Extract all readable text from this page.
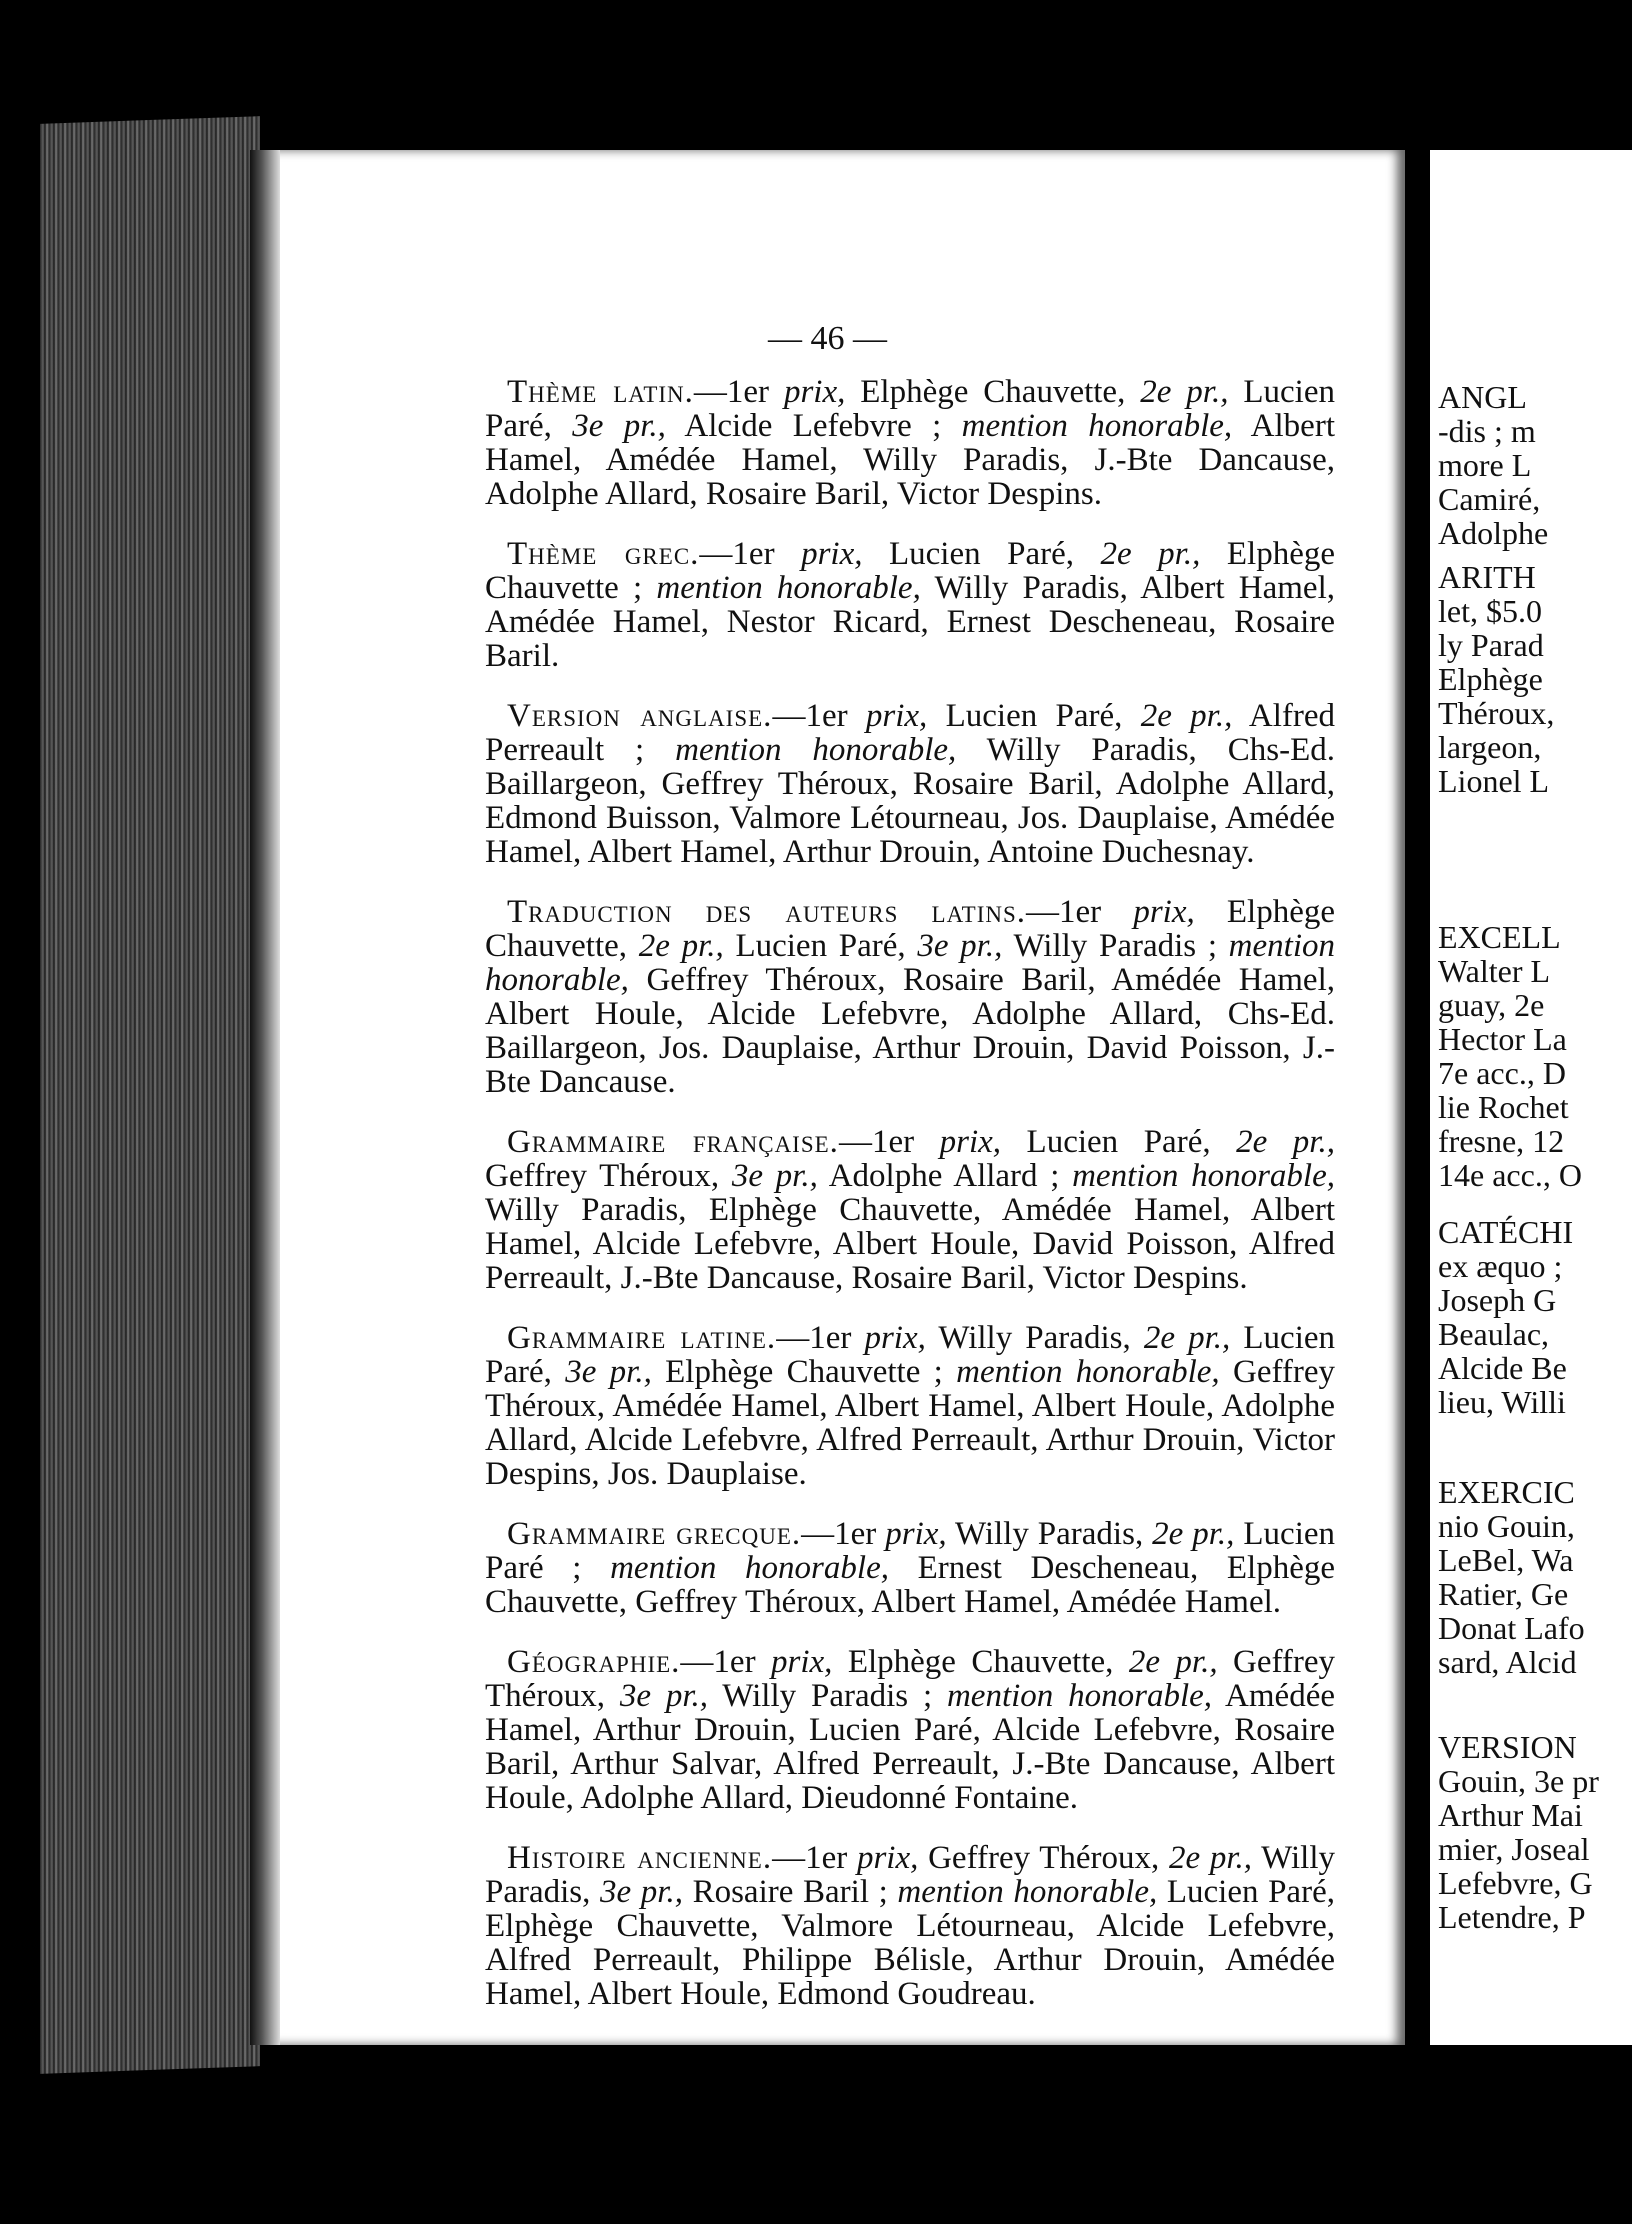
— 46 —

Thème latin.—1er prix, Elphège Chauvette, 2e pr., Lucien Paré, 3e pr., Alcide Lefebvre ; mention honorable, Albert Hamel, Amédée Hamel, Willy Paradis, J.-Bte Dancause, Adolphe Allard, Rosaire Baril, Victor Despins.

Thème grec.—1er prix, Lucien Paré, 2e pr., Elphège Chauvette ; mention honorable, Willy Paradis, Albert Hamel, Amédée Hamel, Nestor Ricard, Ernest Descheneau, Rosaire Baril.

Version anglaise.—1er prix, Lucien Paré, 2e pr., Alfred Perreault ; mention honorable, Willy Paradis, Chs-Ed. Baillargeon, Geffrey Théroux, Rosaire Baril, Adolphe Allard, Edmond Buisson, Valmore Létourneau, Jos. Dauplaise, Amédée Hamel, Albert Hamel, Arthur Drouin, Antoine Duchesnay.

Traduction des auteurs latins.—1er prix, Elphège Chauvette, 2e pr., Lucien Paré, 3e pr., Willy Paradis ; mention honorable, Geffrey Théroux, Rosaire Baril, Amédée Hamel, Albert Houle, Alcide Lefebvre, Adolphe Allard, Chs-Ed. Baillargeon, Jos. Dauplaise, Arthur Drouin, David Poisson, J.-Bte Dancause.

Grammaire française.—1er prix, Lucien Paré, 2e pr., Geffrey Théroux, 3e pr., Adolphe Allard ; mention honorable, Willy Paradis, Elphège Chauvette, Amédée Hamel, Albert Hamel, Alcide Lefebvre, Albert Houle, David Poisson, Alfred Perreault, J.-Bte Dancause, Rosaire Baril, Victor Despins.

Grammaire latine.—1er prix, Willy Paradis, 2e pr., Lucien Paré, 3e pr., Elphège Chauvette ; mention honorable, Geffrey Théroux, Amédée Hamel, Albert Hamel, Albert Houle, Adolphe Allard, Alcide Lefebvre, Alfred Perreault, Arthur Drouin, Victor Despins, Jos. Dauplaise.

Grammaire grecque.—1er prix, Willy Paradis, 2e pr., Lucien Paré ; mention honorable, Ernest Descheneau, Elphège Chauvette, Geffrey Théroux, Albert Hamel, Amédée Hamel.

Géographie.—1er prix, Elphège Chauvette, 2e pr., Geffrey Théroux, 3e pr., Willy Paradis ; mention honorable, Amédée Hamel, Arthur Drouin, Lucien Paré, Alcide Lefebvre, Rosaire Baril, Arthur Salvar, Alfred Perreault, J.-Bte Dancause, Albert Houle, Adolphe Allard, Dieudonné Fontaine.

Histoire ancienne.—1er prix, Geffrey Théroux, 2e pr., Willy Paradis, 3e pr., Rosaire Baril ; mention honorable, Lucien Paré, Elphège Chauvette, Valmore Létourneau, Alcide Lefebvre, Alfred Perreault, Philippe Bélisle, Arthur Drouin, Amédée Hamel, Albert Houle, Edmond Goudreau.

ANGL
-dis ; m
more L
Camiré,
Adolphe
ARITH
let, $5.0
ly Parad
Elphège
Théroux,
largeon,
Lionel L
EXCELL
Walter L
guay, 2e
Hector La
7e acc., D
lie Rochet
fresne, 12
14e acc., O
CATÉCHI
ex æquo ;
Joseph G
Beaulac,
Alcide Be
lieu, Willi
EXERCIC
nio Gouin,
LeBel, Wa
Ratier, Ge
Donat Lafo
sard, Alcid
VERSION
Gouin, 3e pr
Arthur Mai
mier, Joseal
Lefebvre, G
Letendre, P
